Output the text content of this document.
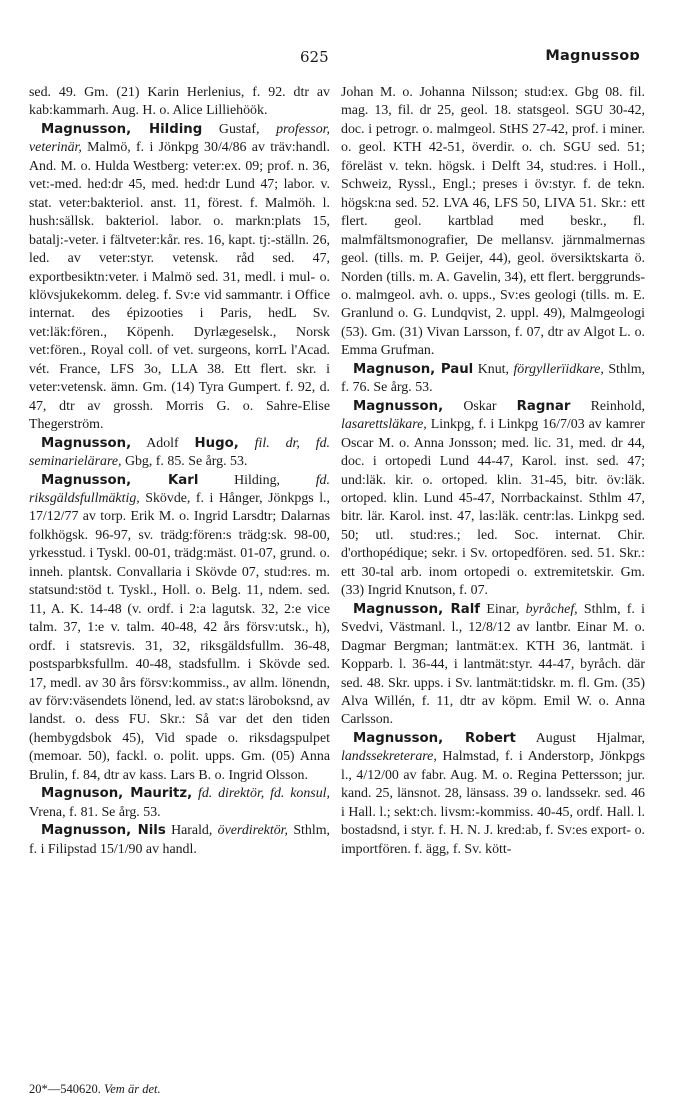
625	Magnussoɒ

sed. 49. Gm. (21) Karin Herlenius, f. 92. dtr av kab:kammarh. Aug. H. o. Alice Lilliehöök.

Magnusson, Hilding Gustaf, professor, veterinär, Malmö, f. i Jönkpg 30/4/86 av träv:handl. And. M. o. Hulda Westberg: veter:ex. 09; prof. n. 36, vet:-med. hed:dr 45, med. hed:dr Lund 47; labor. v. stat. veter:bakteriol. anst. 11, förest. f. Malmöh. l. hush:sällsk. bakteriol. labor. o. markn:plats 15, batalj:-veter. i fältveter:kår. res. 16, kapt. tj:-ställn. 26, led. av veter:styr. vetensk. råd sed. 47, exportbesiktn:veter. i Malmö sed. 31, medl. i mul- o. klövsjukekomm. deleg. f. Sv:e vid sammantr. i Office internat. des épizooties i Paris, hedL Sv. vet:läk:fören., Köpenh. Dyrlægeselsk., Norsk vet:fören., Royal coll. of vet. surgeons, korrL l'Acad. vét. France, LFS 3o, LLA 38. Ett flert. skr. i veter:vetensk. ämn. Gm. (14) Tyra Gumpert. f. 92, d. 47, dtr av grossh. Morris G. o. Sahre-Elise Thegerström.

Magnusson, Adolf Hugo, fil. dr, fd. seminarielärare, Gbg, f. 85. Se årg. 53.

Magnusson, Karl Hilding, fd. riksgäldsfullmäktig, Skövde, f. i Hånger, Jönkpgs l., 17/12/77 av torp. Erik M. o. Ingrid Larsdtr; Dalarnas folkhögsk. 96-97, sv. trädg:fören:s trädg:sk. 98-00, yrkesstud. i Tyskl. 00-01, trädg:mäst. 01-07, grund. o. inneh. plantsk. Convallaria i Skövde 07, stud:res. m. statsund:stöd t. Tyskl., Holl. o. Belg. 11, ndem. sed. 11, A. K. 14-48 (v. ordf. i 2:a lagutsk. 32, 2:e vice talm. 37, 1:e v. talm. 40-48, 42 års försv:utsk., h), ordf. i statsrevis. 31, 32, riksgäldsfullm. 36-48, postsparbksfullm. 40-48, stadsfullm. i Skövde sed. 17, medl. av 30 års försv:kommiss., av allm. lönendn, av förv:väsendets lönend, led. av stat:s läroboksnd, av landst. o. dess FU. Skr.: Så var det den tiden (hembygdsbok 45), Vid spade o. riksdagspulpet (memoar. 50), fackl. o. polit. upps. Gm. (05) Anna Brulin, f. 84, dtr av kass. Lars B. o. Ingrid Olsson.

Magnuson, Mauritz, fd. direktör, fd. konsul, Vrena, f. 81. Se årg. 53.

Magnusson, Nils Harald, överdirektör, Sthlm, f. i Filipstad 15/1/90 av handl.

Johan M. o. Johanna Nilsson; stud:ex. Gbg 08. fil. mag. 13, fil. dr 25, geol. 18. statsgeol. SGU 30-42, doc. i petrogr. o. malmgeol. StHS 27-42, prof. i miner. o. geol. KTH 42-51, överdir. o. ch. SGU sed. 51; föreläst v. tekn. högsk. i Delft 34, stud:res. i Holl., Schweiz, Ryssl., Engl.; preses i öv:styr. f. de tekn. högsk:na sed. 52. LVA 46, LFS 50, LIVA 51. Skr.: ett flert. geol. kartblad med beskr., fl. malmfältsmonografier, De mellansv. järnmalmernas geol. (tills. m. P. Geijer, 44), geol. översiktskarta ö. Norden (tills. m. A. Gavelin, 34), ett flert. berggrunds- o. malmgeol. avh. o. upps., Sv:es geologi (tills. m. E. Granlund o. G. Lundqvist, 2. uppl. 49), Malmgeologi (53). Gm. (31) Vivan Larsson, f. 07, dtr av Algot L. o. Emma Grufman.

Magnuson, Paul Knut, förgyllerïidkare, Sthlm, f. 76. Se årg. 53.

Magnusson, Oskar Ragnar Reinhold, lasarettsläkare, Linkpg, f. i Linkpg 16/7/03 av kamrer Oscar M. o. Anna Jonsson; med. lic. 31, med. dr 44, doc. i ortopedi Lund 44-47, Karol. inst. sed. 47; und:läk. kir. o. ortoped. klin. 31-45, bitr. öv:läk. ortoped. klin. Lund 45-47, Norrbackainst. Sthlm 47, bitr. lär. Karol. inst. 47, las:läk. centr:las. Linkpg sed. 50; utl. stud:res.; led. Soc. internat. Chir. d'orthopédique; sekr. i Sv. ortopedfören. sed. 51. Skr.: ett 30-tal arb. inom ortopedi o. extremitetskir. Gm. (33) Ingrid Knutson, f. 07.

Magnusson, Ralf Einar, byråchef, Sthlm, f. i Svedvi, Västmanl. l., 12/8/12 av lantbr. Einar M. o. Dagmar Bergman; lantmät:ex. KTH 36, lantmät. i Kopparb. l. 36-44, i lantmät:styr. 44-47, byråch. där sed. 48. Skr. upps. i Sv. lantmät:tidskr. m. fl. Gm. (35) Alva Willén, f. 11, dtr av köpm. Emil W. o. Anna Carlsson.

Magnusson, Robert August Hjalmar, landssekreterare, Halmstad, f. i Anderstorp, Jönkpgs l., 4/12/00 av fabr. Aug. M. o. Regina Pettersson; jur. kand. 25, länsnot. 28, länsass. 39 o. landssekr. sed. 46 i Hall. l.; sekt:ch. livsm:-kommiss. 40-45, ordf. Hall. l. bostadsnd, i styr. f. H. N. J. kred:ab, f. Sv:es export- o. importfören. f. ägg, f. Sv. kött-

20*—540620. Vem är det.
